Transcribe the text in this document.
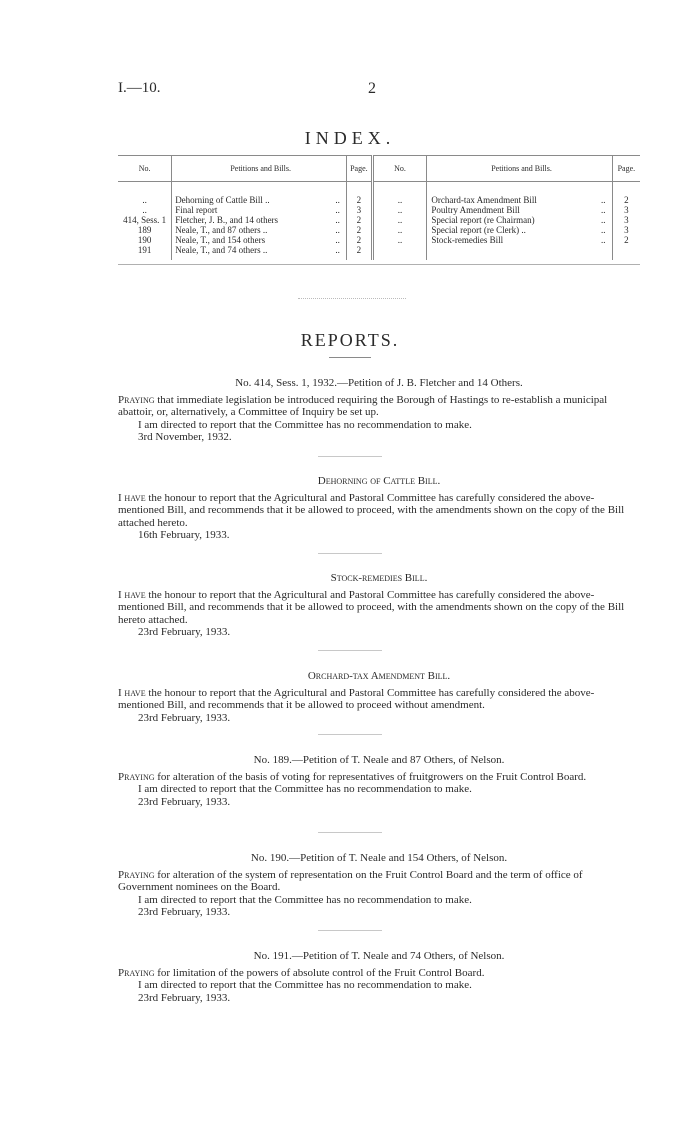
I.—10.	2
INDEX.
No.	Petitions and Bills.		Page.	No.	Petitions and Bills.		Page.
..	Dehorning of Cattle Bill ..	..	2	..	Orchard-tax Amendment Bill	..	2
..	Final report	..	3	..	Poultry Amendment Bill	..	3
414, Sess. 1	Fletcher, J. B., and 14 others	..	2	..	Special report (re Chairman)	..	3
189	Neale, T., and 87 others ..	..	2	..	Special report (re Clerk) ..	..	3
190	Neale, T., and 154 others	..	2	..	Stock-remedies Bill	..	2
191	Neale, T., and 74 others ..	..	2				

REPORTS.

No. 414, Sess. 1, 1932.—Petition of J. B. Fletcher and 14 Others.

Praying that immediate legislation be introduced requiring the Borough of Hastings to re-establish a municipal abattoir, or, alternatively, a Committee of Inquiry be set up.

I am directed to report that the Committee has no recommendation to make.

3rd November, 1932.

Dehorning of Cattle Bill.

I have the honour to report that the Agricultural and Pastoral Committee has carefully considered the above-mentioned Bill, and recommends that it be allowed to proceed, with the amendments shown on the copy of the Bill attached hereto.

16th February, 1933.

Stock-remedies Bill.

I have the honour to report that the Agricultural and Pastoral Committee has carefully considered the above-mentioned Bill, and recommends that it be allowed to proceed, with the amendments shown on the copy of the Bill hereto attached.

23rd February, 1933.

Orchard-tax Amendment Bill.

I have the honour to report that the Agricultural and Pastoral Committee has carefully considered the above-mentioned Bill, and recommends that it be allowed to proceed without amendment.

23rd February, 1933.

No. 189.—Petition of T. Neale and 87 Others, of Nelson.

Praying for alteration of the basis of voting for representatives of fruitgrowers on the Fruit Control Board.

I am directed to report that the Committee has no recommendation to make.

23rd February, 1933.

No. 190.—Petition of T. Neale and 154 Others, of Nelson.

Praying for alteration of the system of representation on the Fruit Control Board and the term of office of Government nominees on the Board.

I am directed to report that the Committee has no recommendation to make.

23rd February, 1933.

No. 191.—Petition of T. Neale and 74 Others, of Nelson.

Praying for limitation of the powers of absolute control of the Fruit Control Board.

I am directed to report that the Committee has no recommendation to make.

23rd February, 1933.
